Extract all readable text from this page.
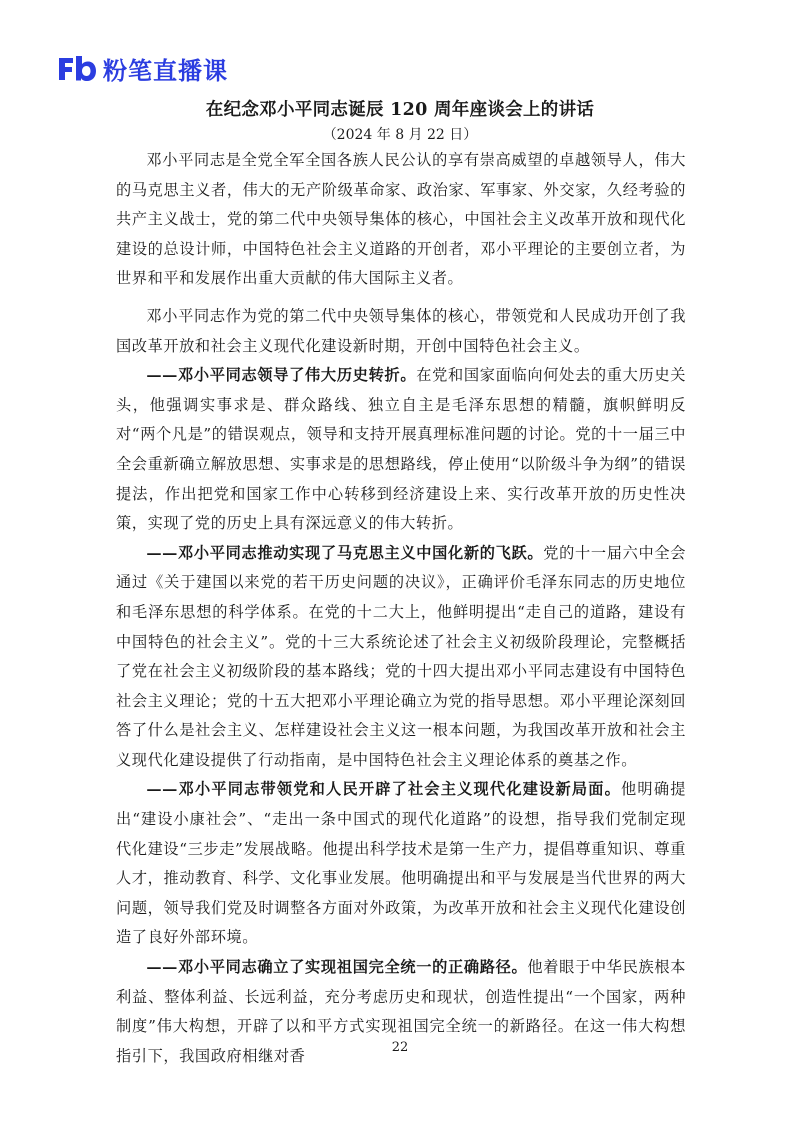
粉笔直播课
在纪念邓小平同志诞辰 120 周年座谈会上的讲话
（2024 年 8 月 22 日）

邓小平同志是全党全军全国各族人民公认的享有崇高威望的卓越领导人，伟大的马克思主义者，伟大的无产阶级革命家、政治家、军事家、外交家，久经考验的共产主义战士，党的第二代中央领导集体的核心，中国社会主义改革开放和现代化建设的总设计师，中国特色社会主义道路的开创者，邓小平理论的主要创立者，为世界和平和发展作出重大贡献的伟大国际主义者。

邓小平同志作为党的第二代中央领导集体的核心，带领党和人民成功开创了我国改革开放和社会主义现代化建设新时期，开创中国特色社会主义。

——邓小平同志领导了伟大历史转折。在党和国家面临向何处去的重大历史关头，他强调实事求是、群众路线、独立自主是毛泽东思想的精髓，旗帜鲜明反对“两个凡是”的错误观点，领导和支持开展真理标准问题的讨论。党的十一届三中全会重新确立解放思想、实事求是的思想路线，停止使用“以阶级斗争为纲”的错误提法，作出把党和国家工作中心转移到经济建设上来、实行改革开放的历史性决策，实现了党的历史上具有深远意义的伟大转折。

——邓小平同志推动实现了马克思主义中国化新的飞跃。党的十一届六中全会通过《关于建国以来党的若干历史问题的决议》，正确评价毛泽东同志的历史地位和毛泽东思想的科学体系。在党的十二大上，他鲜明提出“走自己的道路，建设有中国特色的社会主义”。党的十三大系统论述了社会主义初级阶段理论，完整概括了党在社会主义初级阶段的基本路线；党的十四大提出邓小平同志建设有中国特色社会主义理论；党的十五大把邓小平理论确立为党的指导思想。邓小平理论深刻回答了什么是社会主义、怎样建设社会主义这一根本问题，为我国改革开放和社会主义现代化建设提供了行动指南，是中国特色社会主义理论体系的奠基之作。

——邓小平同志带领党和人民开辟了社会主义现代化建设新局面。他明确提出“建设小康社会”、“走出一条中国式的现代化道路”的设想，指导我们党制定现代化建设“三步走”发展战略。他提出科学技术是第一生产力，提倡尊重知识、尊重人才，推动教育、科学、文化事业发展。他明确提出和平与发展是当代世界的两大问题，领导我们党及时调整各方面对外政策，为改革开放和社会主义现代化建设创造了良好外部环境。

——邓小平同志确立了实现祖国完全统一的正确路径。他着眼于中华民族根本利益、整体利益、长远利益，充分考虑历史和现状，创造性提出“一个国家，两种制度”伟大构想，开辟了以和平方式实现祖国完全统一的新路径。在这一伟大构想指引下，我国政府相继对香	22
